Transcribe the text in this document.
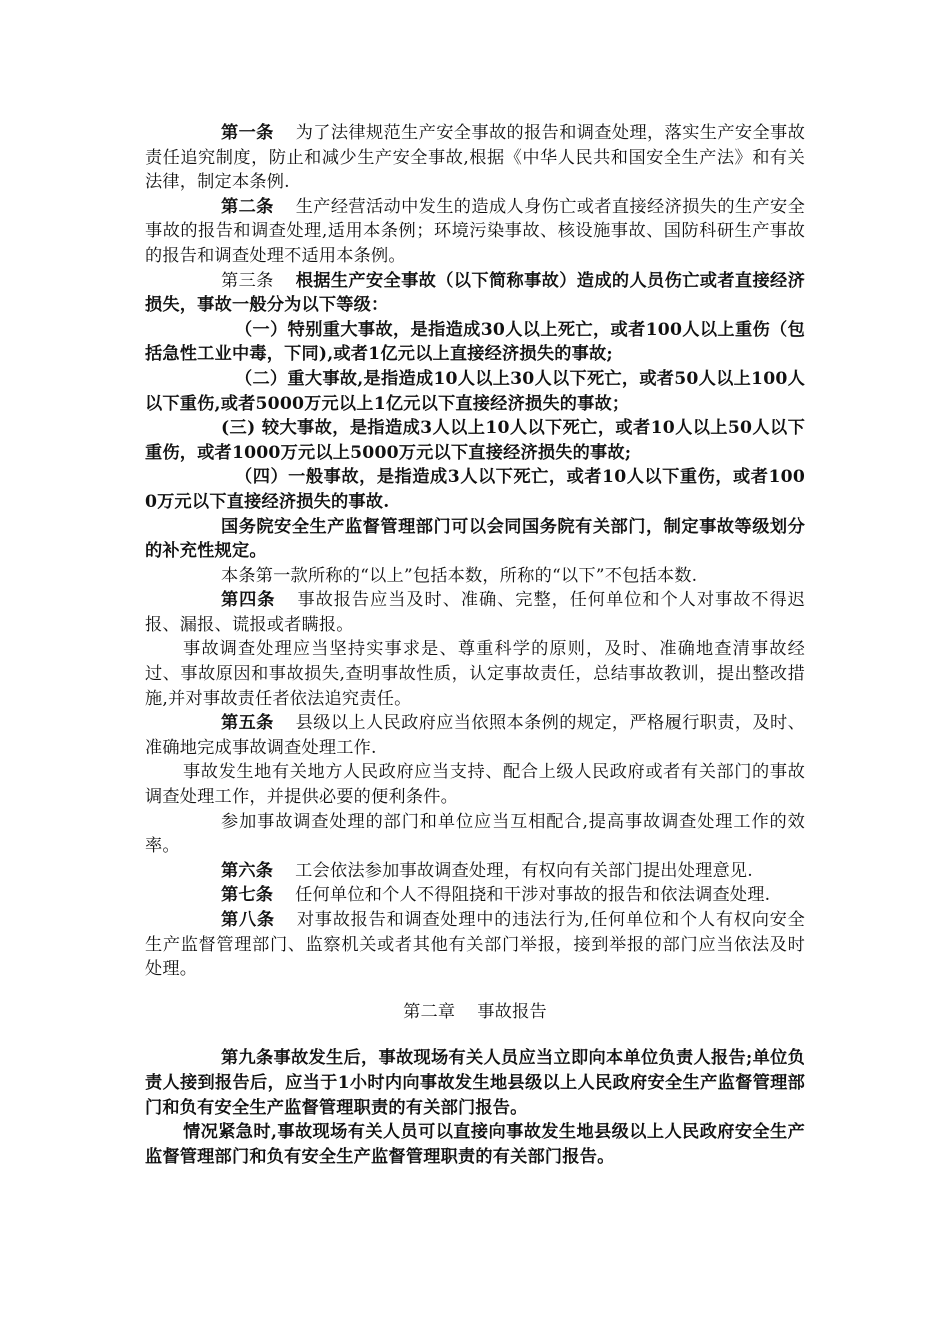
第一条 为了法律规范生产安全事故的报告和调查处理，落实生产安全事故责任追究制度，防止和减少生产安全事故,根据《中华人民共和国安全生产法》和有关法律，制定本条例.

第二条 生产经营活动中发生的造成人身伤亡或者直接经济损失的生产安全事故的报告和调查处理,适用本条例；环境污染事故、核设施事故、国防科研生产事故的报告和调查处理不适用本条例。

第三条 根据生产安全事故（以下简称事故）造成的人员伤亡或者直接经济损失，事故一般分为以下等级：

（一）特别重大事故，是指造成30人以上死亡，或者100人以上重伤（包括急性工业中毒，下同),或者1亿元以上直接经济损失的事故;

（二）重大事故,是指造成10人以上30人以下死亡，或者50人以上100人以下重伤,或者5000万元以上1亿元以下直接经济损失的事故；

(三) 较大事故，是指造成3人以上10人以下死亡，或者10人以上50人以下重伤，或者1000万元以上5000万元以下直接经济损失的事故;

（四）一般事故，是指造成3人以下死亡，或者10人以下重伤，或者1000万元以下直接经济损失的事故.

国务院安全生产监督管理部门可以会同国务院有关部门，制定事故等级划分的补充性规定。

本条第一款所称的“以上”包括本数，所称的“以下”不包括本数.

第四条 事故报告应当及时、准确、完整，任何单位和个人对事故不得迟报、漏报、谎报或者瞒报。

事故调查处理应当坚持实事求是、尊重科学的原则，及时、准确地查清事故经过、事故原因和事故损失,查明事故性质，认定事故责任，总结事故教训，提出整改措施,并对事故责任者依法追究责任。

第五条 县级以上人民政府应当依照本条例的规定，严格履行职责，及时、准确地完成事故调查处理工作.

事故发生地有关地方人民政府应当支持、配合上级人民政府或者有关部门的事故调查处理工作，并提供必要的便利条件。

参加事故调查处理的部门和单位应当互相配合,提高事故调查处理工作的效率。

第六条 工会依法参加事故调查处理，有权向有关部门提出处理意见.

第七条 任何单位和个人不得阻挠和干涉对事故的报告和依法调查处理.

第八条 对事故报告和调查处理中的违法行为,任何单位和个人有权向安全生产监督管理部门、监察机关或者其他有关部门举报，接到举报的部门应当依法及时处理。

第二章 事故报告

第九条事故发生后，事故现场有关人员应当立即向本单位负责人报告;单位负责人接到报告后，应当于1小时内向事故发生地县级以上人民政府安全生产监督管理部门和负有安全生产监督管理职责的有关部门报告。

情况紧急时,事故现场有关人员可以直接向事故发生地县级以上人民政府安全生产监督管理部门和负有安全生产监督管理职责的有关部门报告。
